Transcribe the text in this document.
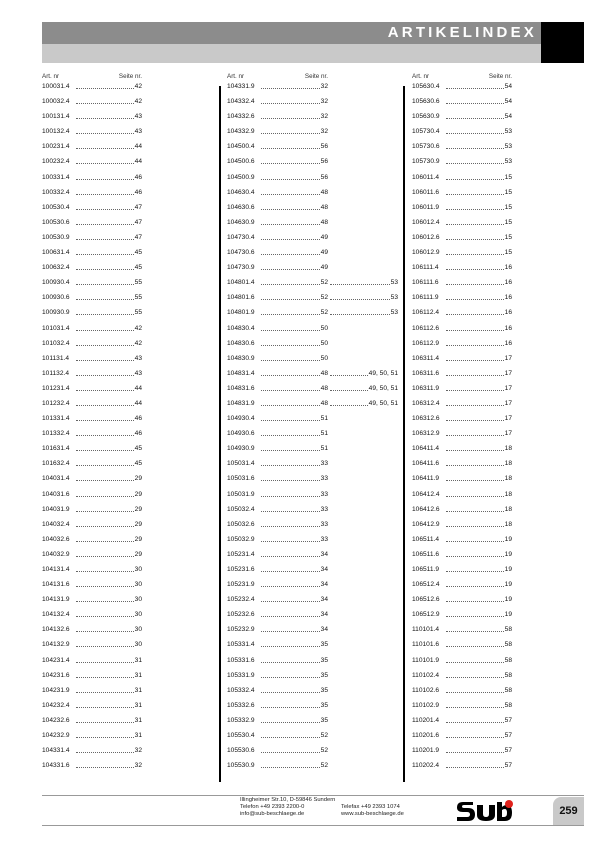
ARTIKELINDEX
Art. nr	Seite nr.
100031.4	42
100032.4	42
100131.4	43
100132.4	43
100231.4	44
100232.4	44
100331.4	46
100332.4	46
100530.4	47
100530.6	47
100530.9	47
100631.4	45
100632.4	45
100930.4	55
100930.6	55
100930.9	55
101031.4	42
101032.4	42
101131.4	43
101132.4	43
101231.4	44
101232.4	44
101331.4	46
101332.4	46
101631.4	45
101632.4	45
104031.4	29
104031.6	29
104031.9	29
104032.4	29
104032.6	29
104032.9	29
104131.4	30
104131.6	30
104131.9	30
104132.4	30
104132.6	30
104132.9	30
104231.4	31
104231.6	31
104231.9	31
104232.4	31
104232.6	31
104232.9	31
104331.4	32
104331.6	32
Art. nr	Seite nr.
104331.9	32
104332.4	32
104332.6	32
104332.9	32
104500.4	56
104500.6	56
104500.9	56
104630.4	48
104630.6	48
104630.9	48
104730.4	49
104730.6	49
104730.9	49
104801.4	52	53
104801.6	52	53
104801.9	52	53
104830.4	50
104830.6	50
104830.9	50
104831.4	48	49, 50, 51
104831.6	48	49, 50, 51
104831.9	48	49, 50, 51
104930.4	51
104930.6	51
104930.9	51
105031.4	33
105031.6	33
105031.9	33
105032.4	33
105032.6	33
105032.9	33
105231.4	34
105231.6	34
105231.9	34
105232.4	34
105232.6	34
105232.9	34
105331.4	35
105331.6	35
105331.9	35
105332.4	35
105332.6	35
105332.9	35
105530.4	52
105530.6	52
105530.9	52
Art. nr	Seite nr.
105630.4	54
105630.6	54
105630.9	54
105730.4	53
105730.6	53
105730.9	53
106011.4	15
106011.6	15
106011.9	15
106012.4	15
106012.6	15
106012.9	15
106111.4	16
106111.6	16
106111.9	16
106112.4	16
106112.6	16
106112.9	16
106311.4	17
106311.6	17
106311.9	17
106312.4	17
106312.6	17
106312.9	17
106411.4	18
106411.6	18
106411.9	18
106412.4	18
106412.6	18
106412.9	18
106511.4	19
106511.6	19
106511.9	19
106512.4	19
106512.6	19
106512.9	19
110101.4	58
110101.6	58
110101.9	58
110102.4	58
110102.6	58
110102.9	58
110201.4	57
110201.6	57
110201.9	57
110202.4	57
Illingheimer Str.10, D-59846 Sundern
Telefon +49 2393 2200-0	Telefax +49 2393 1074
info@sub-beschlaege.de	www.sub-beschlaege.de	259
